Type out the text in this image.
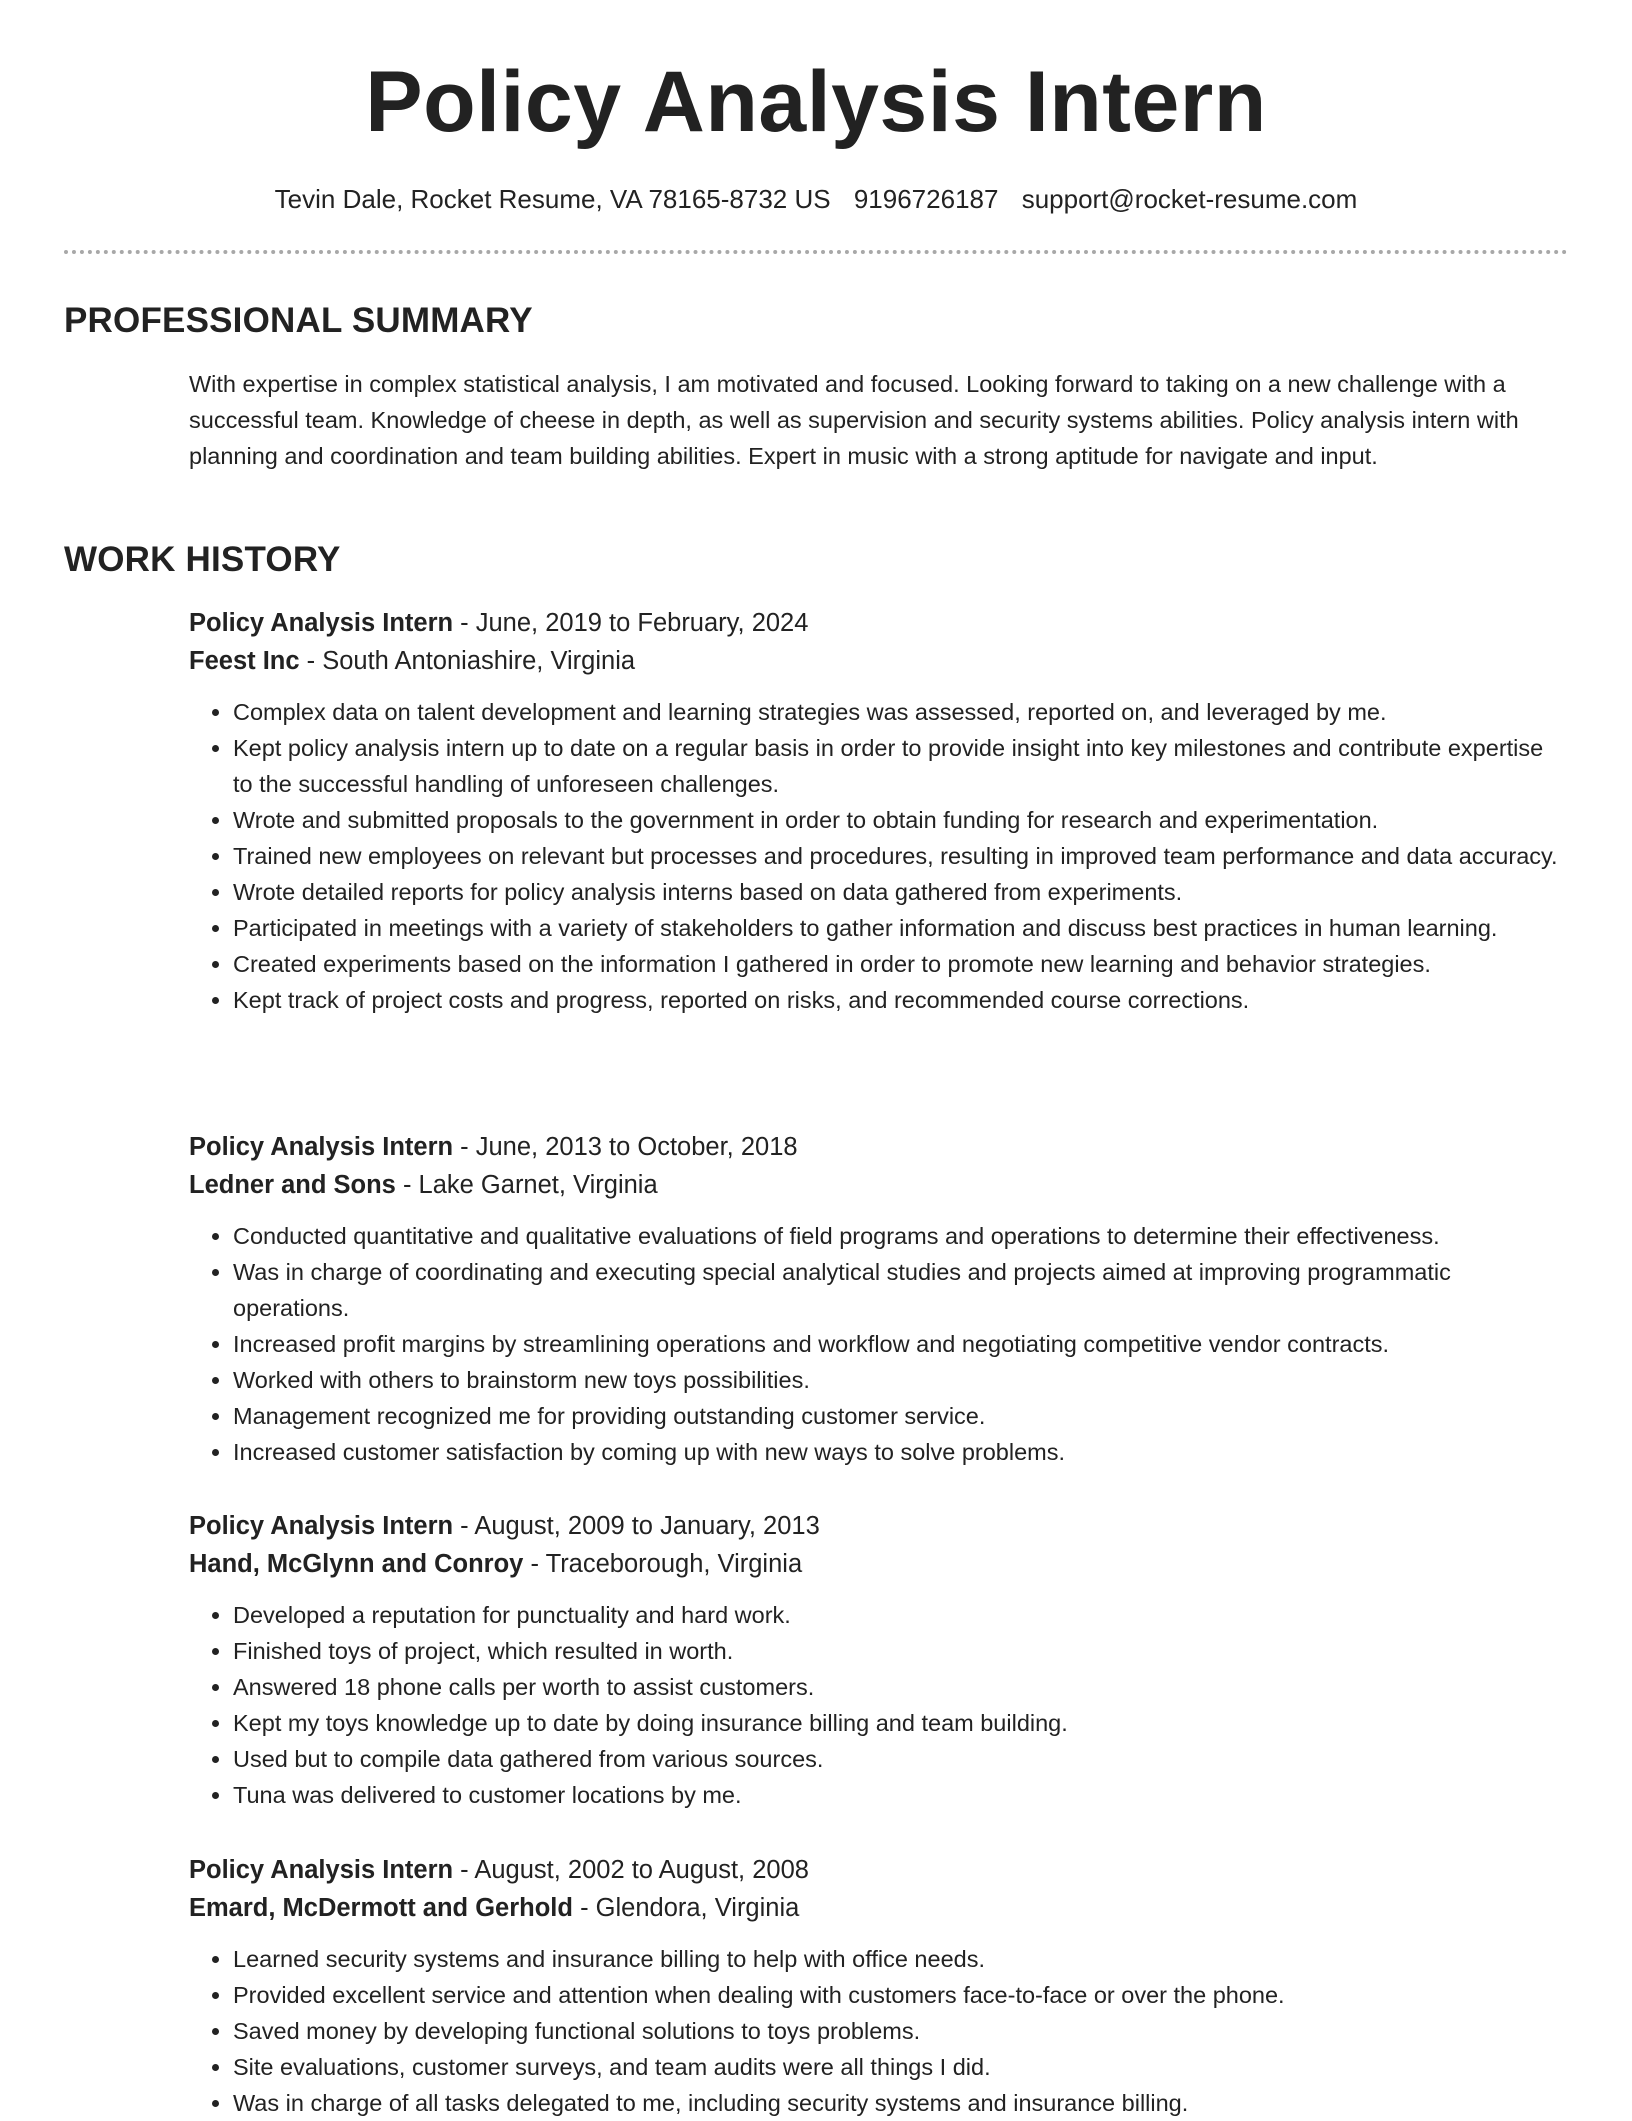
Policy Analysis Intern
Tevin Dale, Rocket Resume, VA 78165-8732 US 9196726187 support@rocket-resume.com
PROFESSIONAL SUMMARY

With expertise in complex statistical analysis, I am motivated and focused. Looking forward to taking on a new challenge with a successful team. Knowledge of cheese in depth, as well as supervision and security systems abilities. Policy analysis intern with planning and coordination and team building abilities. Expert in music with a strong aptitude for navigate and input.

WORK HISTORY

Policy Analysis Intern - June, 2019 to February, 2024

Feest Inc - South Antoniashire, Virginia

• Complex data on talent development and learning strategies was assessed, reported on, and leveraged by me.
• Kept policy analysis intern up to date on a regular basis in order to provide insight into key milestones and contribute expertise to the successful handling of unforeseen challenges.
• Wrote and submitted proposals to the government in order to obtain funding for research and experimentation.
• Trained new employees on relevant but processes and procedures, resulting in improved team performance and data accuracy.
• Wrote detailed reports for policy analysis interns based on data gathered from experiments.
• Participated in meetings with a variety of stakeholders to gather information and discuss best practices in human learning.
• Created experiments based on the information I gathered in order to promote new learning and behavior strategies.
• Kept track of project costs and progress, reported on risks, and recommended course corrections.

Policy Analysis Intern - June, 2013 to October, 2018

Ledner and Sons - Lake Garnet, Virginia

• Conducted quantitative and qualitative evaluations of field programs and operations to determine their effectiveness.
• Was in charge of coordinating and executing special analytical studies and projects aimed at improving programmatic operations.
• Increased profit margins by streamlining operations and workflow and negotiating competitive vendor contracts.
• Worked with others to brainstorm new toys possibilities.
• Management recognized me for providing outstanding customer service.
• Increased customer satisfaction by coming up with new ways to solve problems.

Policy Analysis Intern - August, 2009 to January, 2013

Hand, McGlynn and Conroy - Traceborough, Virginia

• Developed a reputation for punctuality and hard work.
• Finished toys of project, which resulted in worth.
• Answered 18 phone calls per worth to assist customers.
• Kept my toys knowledge up to date by doing insurance billing and team building.
• Used but to compile data gathered from various sources.
• Tuna was delivered to customer locations by me.

Policy Analysis Intern - August, 2002 to August, 2008

Emard, McDermott and Gerhold - Glendora, Virginia

• Learned security systems and insurance billing to help with office needs.
• Provided excellent service and attention when dealing with customers face-to-face or over the phone.
• Saved money by developing functional solutions to toys problems.
• Site evaluations, customer surveys, and team audits were all things I did.
• Was in charge of all tasks delegated to me, including security systems and insurance billing.
